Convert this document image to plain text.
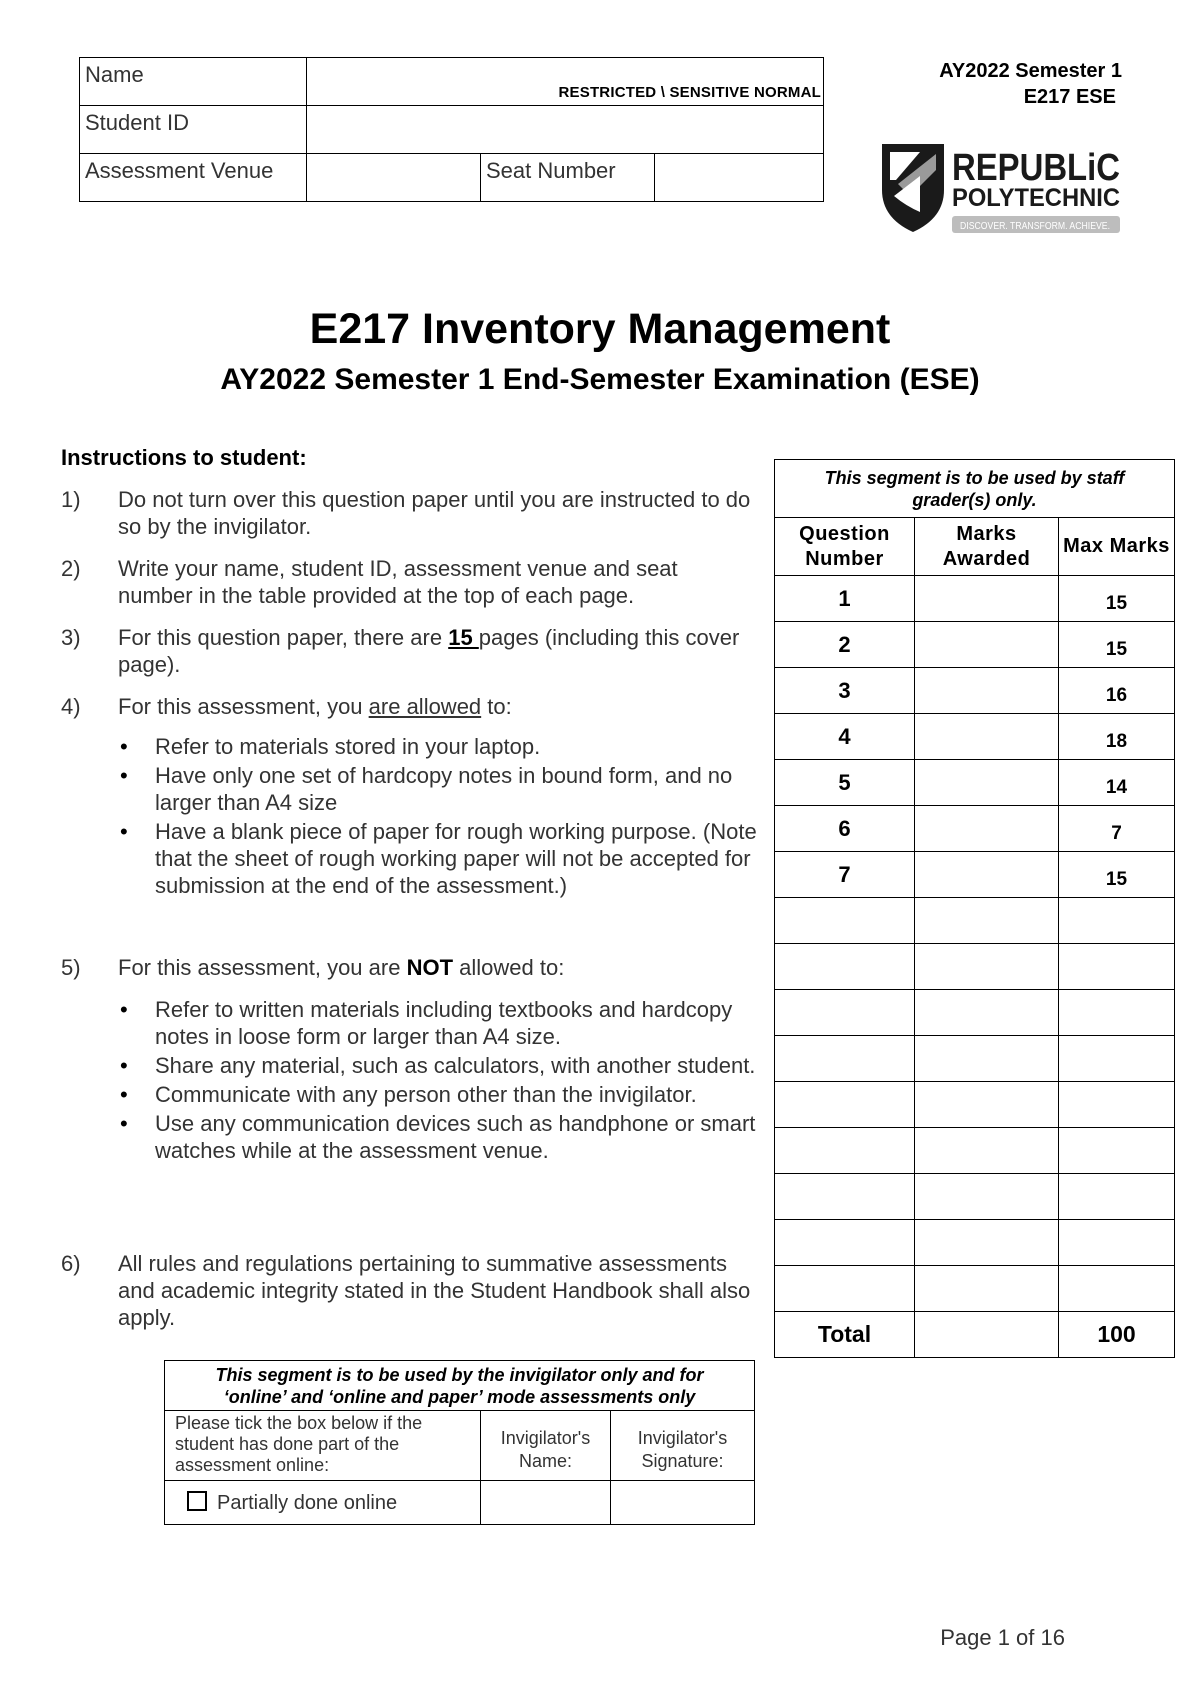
Name	RESTRICTED \ SENSITIVE NORMAL		
Student ID			
Assessment Venue		Seat Number	
AY2022 Semester 1
E217 ESE
REPUBLiC
POLYTECHNIC
DISCOVER. TRANSFORM. ACHIEVE.
E217 Inventory Management
AY2022 Semester 1 End-Semester Examination (ESE)
Instructions to student:
1) Do not turn over this question paper until you are instructed to do so by the invigilator.
2) Write your name, student ID, assessment venue and seat number in the table provided at the top of each page.
3) For this question paper, there are 15 pages (including this cover page).
4) For this assessment, you are allowed to:
• Refer to materials stored in your laptop.
• Have only one set of hardcopy notes in bound form, and no larger than A4 size
• Have a blank piece of paper for rough working purpose. (Note that the sheet of rough working paper will not be accepted for submission at the end of the assessment.)
5) For this assessment, you are NOT allowed to:
• Refer to written materials including textbooks and hardcopy notes in loose form or larger than A4 size.
• Share any material, such as calculators, with another student.
• Communicate with any person other than the invigilator.
• Use any communication devices such as handphone or smart watches while at the assessment venue.
6) All rules and regulations pertaining to summative assessments and academic integrity stated in the Student Handbook shall also apply.
This segment is to be used by staff grader(s) only.		
Question Number	Marks Awarded	Max Marks
1		15
2		15
3		16
4		18
5		14
6		7
7		15

Total		100
This segment is to be used by the invigilator only and for
‘online’ and ‘online and paper’ mode assessments only		

Please tick the box below if the student has done part of the assessment online:	Invigilator's Name:	Invigilator's Signature:
Partially done online		
Page 1 of 16
